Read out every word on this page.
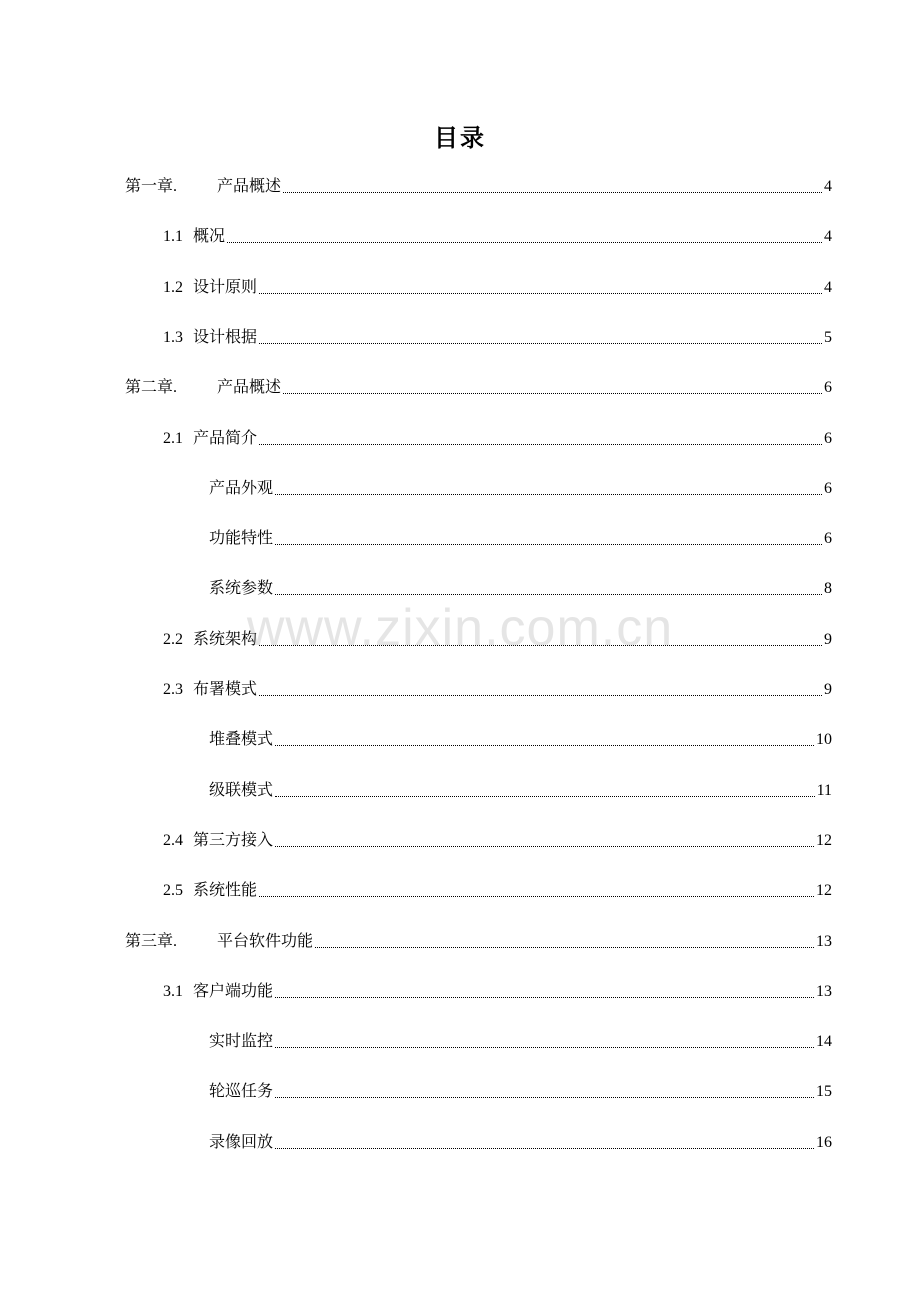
目录
第一章.	产品概述	4
1.1 概况	4
1.2 设计原则	4
1.3 设计根据	5
第二章.	产品概述	6
2.1 产品简介	6
产品外观	6
功能特性	6
系统参数	8
2.2 系统架构	9
2.3 布署模式	9
堆叠模式	10
级联模式	11
2.4 第三方接入	12
2.5 系统性能	12
第三章.	平台软件功能	13
3.1 客户端功能	13
实时监控	14
轮巡任务	15
录像回放	16
www.zixin.com.cn
